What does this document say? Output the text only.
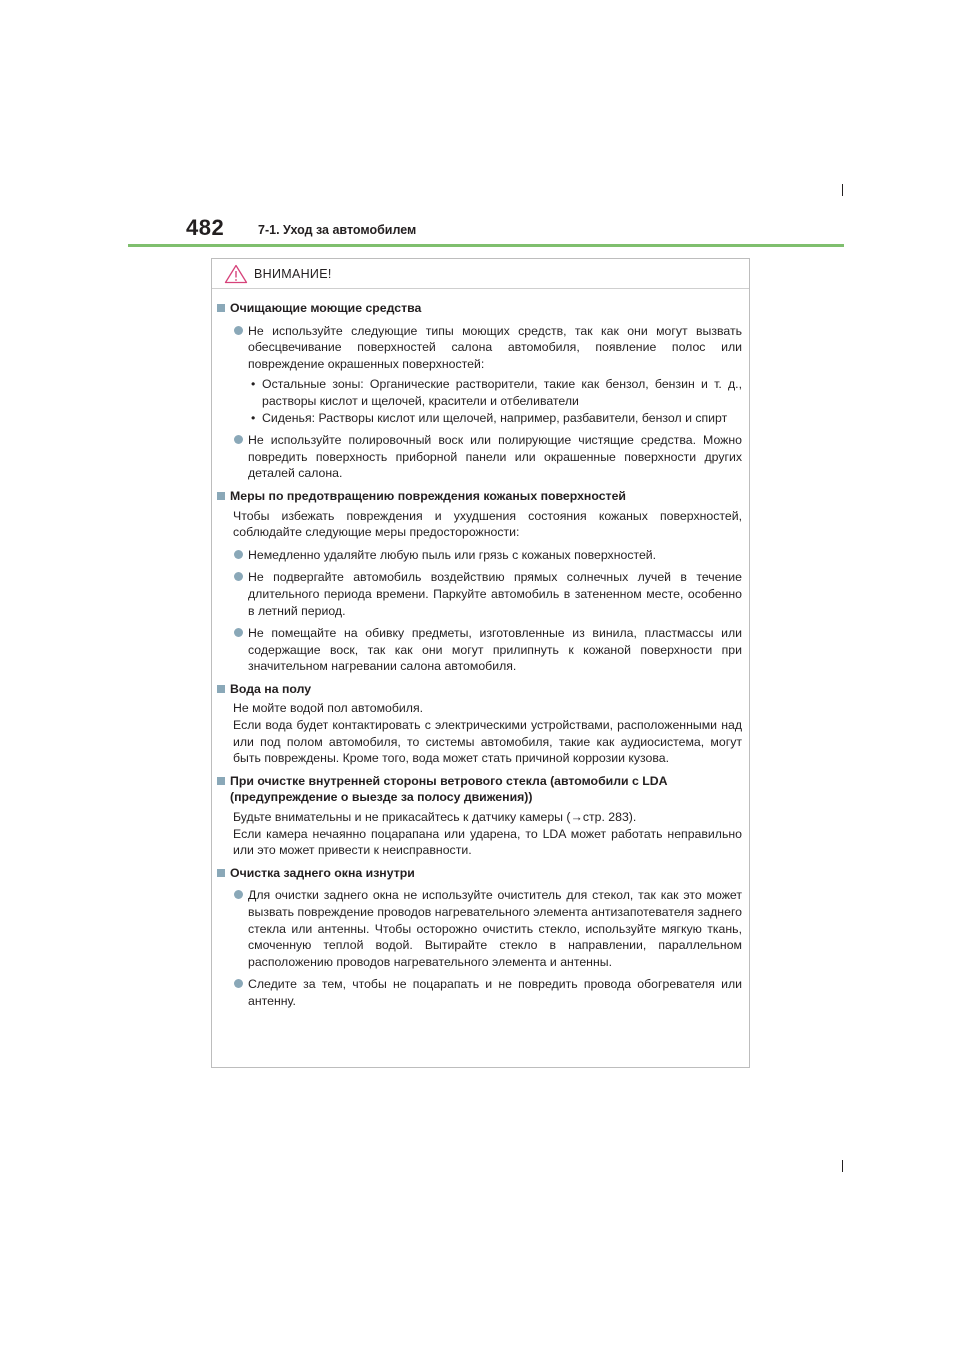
482	7-1. Уход за автомобилем
ВНИМАНИЕ!
Очищающие моющие средства
Не используйте следующие типы моющих средств, так как они могут вызвать обесцвечивание поверхностей салона автомобиля, появление полос или повреждение окрашенных поверхностей:
• Остальные зоны: Органические растворители, такие как бензол, бензин и т. д., растворы кислот и щелочей, красители и отбеливатели
• Сиденья: Растворы кислот или щелочей, например, разбавители, бензол и спирт
Не используйте полировочный воск или полирующие чистящие средства. Можно повредить поверхность приборной панели или окрашенные поверхности других деталей салона.
Меры по предотвращению повреждения кожаных поверхностей
Чтобы избежать повреждения и ухудшения состояния кожаных поверхностей, соблюдайте следующие меры предосторожности:
Немедленно удаляйте любую пыль или грязь с кожаных поверхностей.
Не подвергайте автомобиль воздействию прямых солнечных лучей в течение длительного периода времени. Паркуйте автомобиль в затененном месте, особенно в летний период.
Не помещайте на обивку предметы, изготовленные из винила, пластмассы или содержащие воск, так как они могут прилипнуть к кожаной поверхности при значительном нагревании салона автомобиля.
Вода на полу
Не мойте водой пол автомобиля.
Если вода будет контактировать с электрическими устройствами, расположенными над или под полом автомобиля, то системы автомобиля, такие как аудиосистема, могут быть повреждены. Кроме того, вода может стать причиной коррозии кузова.
При очистке внутренней стороны ветрового стекла (автомобили с LDA (предупреждение о выезде за полосу движения))
Будьте внимательны и не прикасайтесь к датчику камеры (→стр. 283).
Если камера нечаянно поцарапана или ударена, то LDA может работать неправильно или это может привести к неисправности.
Очистка заднего окна изнутри
Для очистки заднего окна не используйте очиститель для стекол, так как это может вызвать повреждение проводов нагревательного элемента антизапотевателя заднего стекла или антенны. Чтобы осторожно очистить стекло, используйте мягкую ткань, смоченную теплой водой. Вытирайте стекло в направлении, параллельном расположению проводов нагревательного элемента и антенны.
Следите за тем, чтобы не поцарапать и не повредить провода обогревателя или антенну.
